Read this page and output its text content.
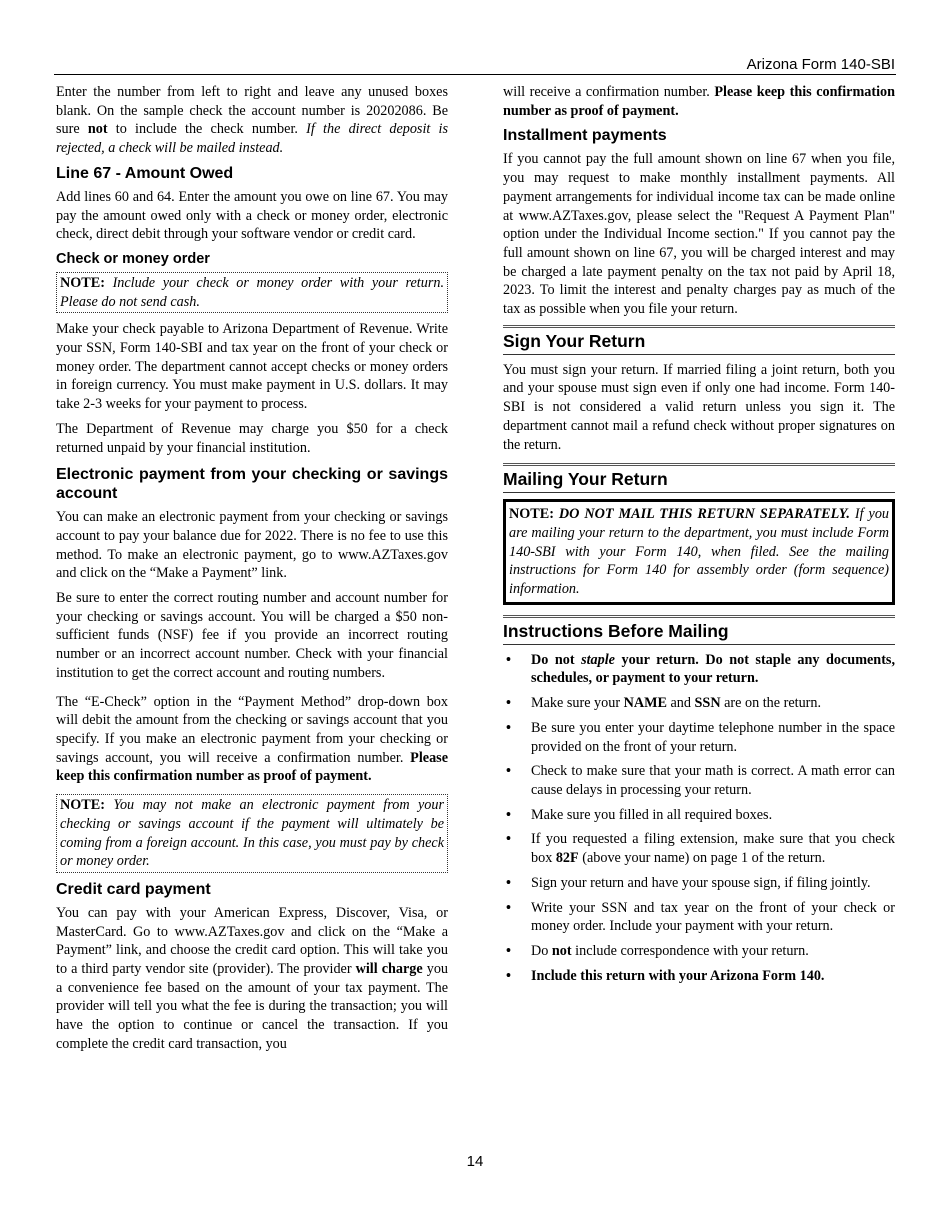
Arizona Form 140-SBI

Enter the number from left to right and leave any unused boxes blank. On the sample check the account number is 20202086. Be sure not to include the check number. If the direct deposit is rejected, a check will be mailed instead.

Line 67 - Amount Owed

Add lines 60 and 64. Enter the amount you owe on line 67. You may pay the amount owed only with a check or money order, electronic check, direct debit through your software vendor or credit card.

Check or money order
NOTE: Include your check or money order with your return. Please do not send cash.

Make your check payable to Arizona Department of Revenue. Write your SSN, Form 140-SBI and tax year on the front of your check or money order. The department cannot accept checks or money orders in foreign currency. You must make payment in U.S. dollars. It may take 2-3 weeks for your payment to process.

The Department of Revenue may charge you $50 for a check returned unpaid by your financial institution.

Electronic payment from your checking or savings account

You can make an electronic payment from your checking or savings account to pay your balance due for 2022. There is no fee to use this method. To make an electronic payment, go to www.AZTaxes.gov and click on the “Make a Payment” link.

Be sure to enter the correct routing number and account number for your checking or savings account. You will be charged a $50 non-sufficient funds (NSF) fee if you provide an incorrect routing number or an incorrect account number. Check with your financial institution to get the correct account and routing numbers.

The “E-Check” option in the “Payment Method” drop-down box will debit the amount from the checking or savings account that you specify. If you make an electronic payment from your checking or savings account, you will receive a confirmation number. Please keep this confirmation number as proof of payment.

NOTE: You may not make an electronic payment from your checking or savings account if the payment will ultimately be coming from a foreign account. In this case, you must pay by check or money order.
Credit card payment

You can pay with your American Express, Discover, Visa, or MasterCard. Go to www.AZTaxes.gov and click on the “Make a Payment” link, and choose the credit card option. This will take you to a third party vendor site (provider). The provider will charge you a convenience fee based on the amount of your tax payment. The provider will tell you what the fee is during the transaction; you will have the option to continue or cancel the transaction. If you complete the credit card transaction, you

will receive a confirmation number. Please keep this confirmation number as proof of payment.

Installment payments

If you cannot pay the full amount shown on line 67 when you file, you may request to make monthly installment payments. All payment arrangements for individual income tax can be made online at www.AZTaxes.gov, please select the "Request A Payment Plan" option under the Individual Income section." If you cannot pay the full amount shown on line 67, you will be charged interest and may be charged a late payment penalty on the tax not paid by April 18, 2023. To limit the interest and penalty charges pay as much of the tax as possible when you file your return.

Sign Your Return

You must sign your return. If married filing a joint return, both you and your spouse must sign even if only one had income. Form 140-SBI is not considered a valid return unless you sign it. The department cannot mail a refund check without proper signatures on the return.

Mailing Your Return
NOTE: DO NOT MAIL THIS RETURN SEPARATELY. If you are mailing your return to the department, you must include Form 140-SBI with your Form 140, when filed. See the mailing instructions for Form 140 for assembly order (form sequence) information.
Instructions Before Mailing
• Do not staple your return. Do not staple any documents, schedules, or payment to your return.
• Make sure your NAME and SSN are on the return.
• Be sure you enter your daytime telephone number in the space provided on the front of your return.
• Check to make sure that your math is correct. A math error can cause delays in processing your return.
• Make sure you filled in all required boxes.
• If you requested a filing extension, make sure that you check box 82F (above your name) on page 1 of the return.
• Sign your return and have your spouse sign, if filing jointly.
• Write your SSN and tax year on the front of your check or money order. Include your payment with your return.
• Do not include correspondence with your return.
• Include this return with your Arizona Form 140.
14
